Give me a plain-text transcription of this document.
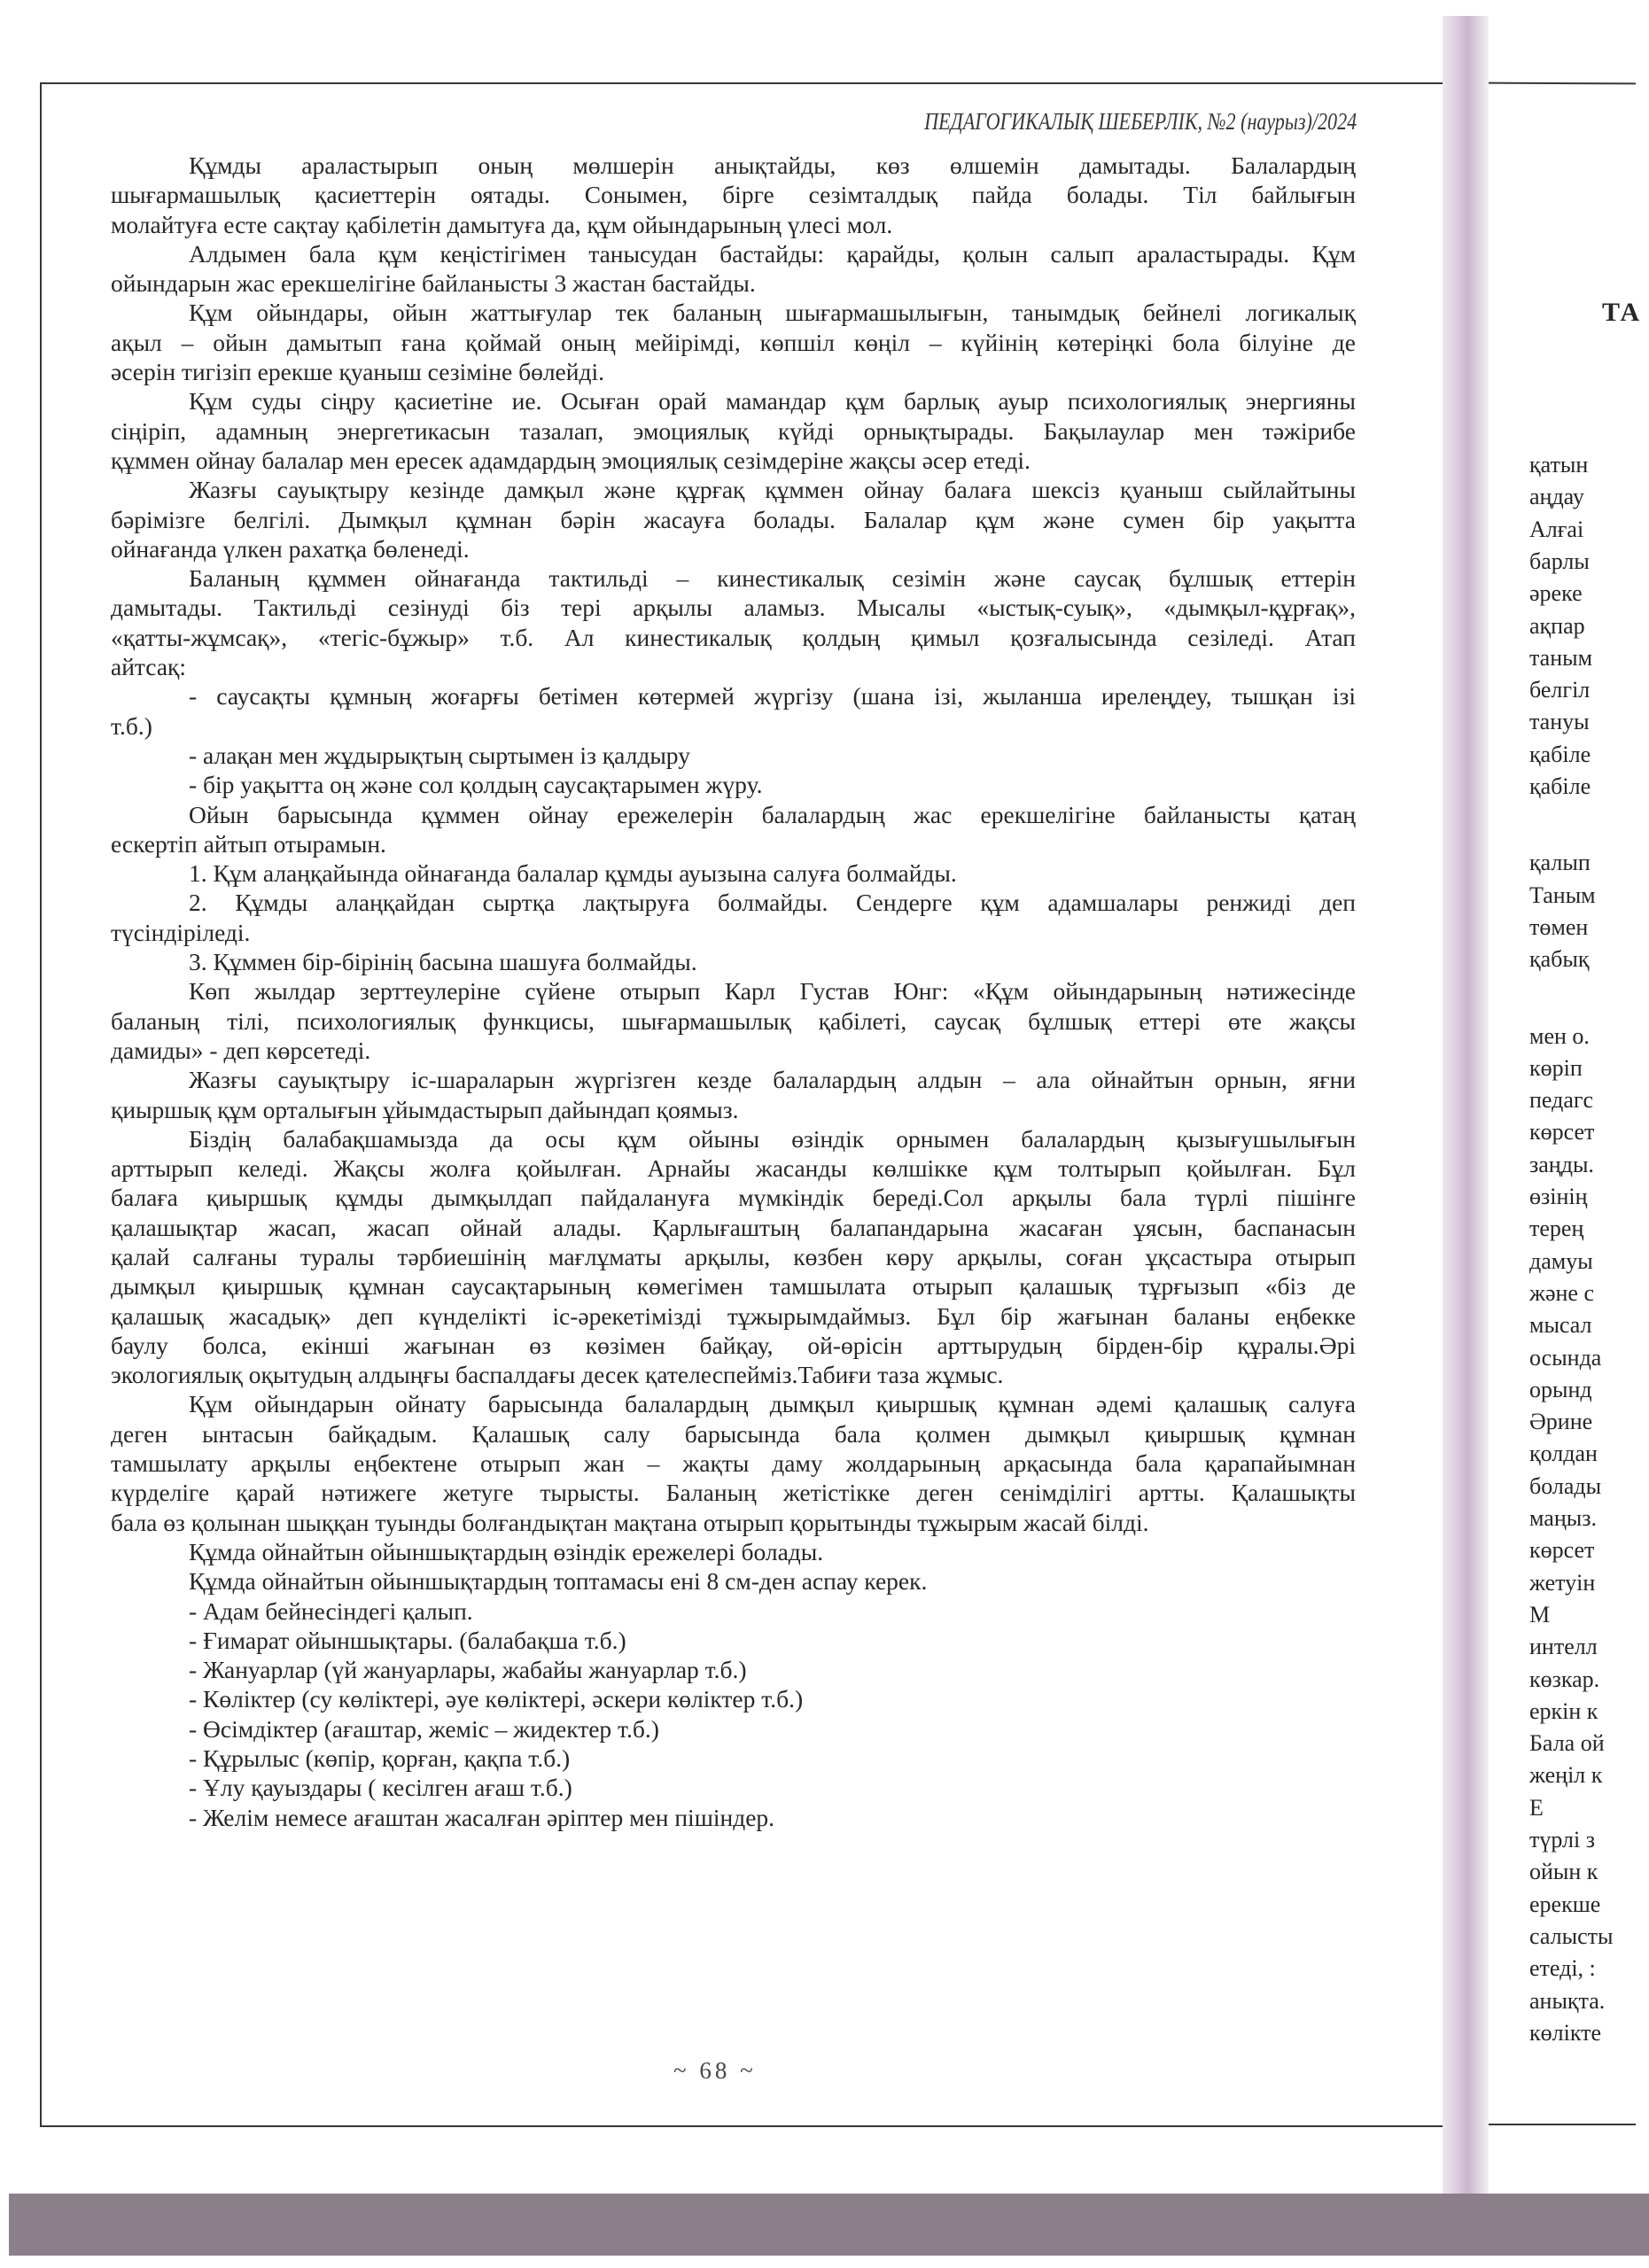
ПЕДАГОГИКАЛЫҚ ШЕБЕРЛІК, №2 (наурыз)/2024
Құмды араластырып оның мөлшерін анықтайды, көз өлшемін дамытады. Балалардың
шығармашылық қасиеттерін оятады. Сонымен, бірге сезімталдық пайда болады. Тіл байлығын
молайтуға есте сақтау қабілетін дамытуға да, құм ойындарының үлесі мол.
Алдымен бала құм кеңістігімен танысудан бастайды: қарайды, қолын салып араластырады. Құм
ойындарын жас ерекшелігіне байланысты 3 жастан бастайды.
Құм ойындары, ойын жаттығулар тек баланың шығармашылығын, танымдық бейнелі логикалық
ақыл – ойын дамытып ғана қоймай оның мейірімді, көпшіл көңіл – күйінің көтеріңкі бола білуіне де
әсерін тигізіп ерекше қуаныш сезіміне бөлейді.
Құм суды сіңру қасиетіне ие. Осыған орай мамандар құм барлық ауыр психологиялық энергияны
сіңіріп, адамның энергетикасын тазалап, эмоциялық күйді орнықтырады. Бақылаулар мен тәжірибе
құммен ойнау балалар мен ересек адамдардың эмоциялық сезімдеріне жақсы әсер етеді.
Жазғы сауықтыру кезінде дамқыл және құрғақ құммен ойнау балаға шексіз қуаныш сыйлайтыны
бәрімізге белгілі. Дымқыл құмнан бәрін жасауға болады. Балалар құм және сумен бір уақытта
ойнағанда үлкен рахатқа бөленеді.
Баланың құммен ойнағанда тактильді – кинестикалық сезімін және саусақ бұлшық еттерін
дамытады. Тактильді сезінуді біз тері арқылы аламыз. Мысалы «ыстық-суық», «дымқыл-құрғақ»,
«қатты-жұмсақ», «тегіс-бұжыр» т.б. Ал кинестикалық қолдың қимыл қозғалысында сезіледі. Атап
айтсақ:
- саусақты құмның жоғарғы бетімен көтермей жүргізу (шана ізі, жыланша ирелеңдеу, тышқан ізі
т.б.)
- алақан мен жұдырықтың сыртымен із қалдыру
- бір уақытта оң және сол қолдың саусақтарымен жүру.
Ойын барысында құммен ойнау ережелерін балалардың жас ерекшелігіне байланысты қатаң
ескертіп айтып отырамын.
1. Құм алаңқайында ойнағанда балалар құмды ауызына салуға болмайды.
2. Құмды алаңқайдан сыртқа лақтыруға болмайды. Сендерге құм адамшалары ренжиді деп
түсіндіріледі.
3. Құммен бір-бірінің басына шашуға болмайды.
Көп жылдар зерттеулеріне сүйене отырып Карл Густав Юнг: «Құм ойындарының нәтижесінде
баланың тілі, психологиялық функцисы, шығармашылық қабілеті, саусақ бұлшық еттері өте жақсы
дамиды» - деп көрсетеді.
Жазғы сауықтыру іс-шараларын жүргізген кезде балалардың алдын – ала ойнайтын орнын, яғни
қиыршық құм орталығын ұйымдастырып дайындап қоямыз.
Біздің балабақшамызда да осы құм ойыны өзіндік орнымен балалардың қызығушылығын
арттырып келеді. Жақсы жолға қойылған. Арнайы жасанды көлшікке құм толтырып қойылған. Бұл
балаға қиыршық құмды дымқылдап пайдалануға мүмкіндік береді.Сол арқылы бала түрлі пішінге
қалашықтар жасап, жасап ойнай алады. Қарлығаштың балапандарына жасаған ұясын, баспанасын
қалай салғаны туралы тәрбиешінің мағлұматы арқылы, көзбен көру арқылы, соған ұқсастыра отырып
дымқыл қиыршық құмнан саусақтарының көмегімен тамшылата отырып қалашық тұрғызып «біз де
қалашық жасадық» деп күнделікті іс-әрекетімізді тұжырымдаймыз. Бұл бір жағынан баланы еңбекке
баулу болса, екінші жағынан өз көзімен байқау, ой-өрісін арттырудың бірден-бір құралы.Әрі
экологиялық оқытудың алдыңғы баспалдағы десек қателеспейміз.Табиғи таза жұмыс.
Құм ойындарын ойнату барысында балалардың дымқыл қиыршық құмнан әдемі қалашық салуға
деген ынтасын байқадым. Қалашық салу барысында бала қолмен дымқыл қиыршық құмнан
тамшылату арқылы еңбектене отырып жан – жақты даму жолдарының арқасында бала қарапайымнан
күрделіге қарай нәтижеге жетуге тырысты. Баланың жетістікке деген сенімділігі артты. Қалашықты
бала өз қолынан шыққан туынды болғандықтан мақтана отырып қорытынды тұжырым жасай білді.
Құмда ойнайтын ойыншықтардың өзіндік ережелері болады.
Құмда ойнайтын ойыншықтардың топтамасы ені 8 см-ден аспау керек.
- Адам бейнесіндегі қалып.
- Ғимарат ойыншықтары. (балабақша т.б.)
- Жануарлар (үй жануарлары, жабайы жануарлар т.б.)
- Көліктер (су көліктері, әуе көліктері, әскери көліктер т.б.)
- Өсімдіктер (ағаштар, жеміс – жидектер т.б.)
- Құрылыс (көпір, қорған, қақпа т.б.)
- Ұлу қауыздары ( кесілген ағаш т.б.)
- Желім немесе ағаштан жасалған әріптер мен пішіндер.
~ 68 ~
ТА
қатын
аңдау
Алғаі
барлы
әреке
ақпар
таным
белгіл
тануы
қабіле
қабіле
қалып
Таным
төмен
қабық
мен о.
көріп
педагс
көрсет
заңды.
өзінің
терең
дамуы
және с
мысал
осында
орынд
Әрине
қолдан
болады
маңыз.
көрсет
жетуін
М
интелл
көзкар.
еркін к
Бала ой
жеңіл к
Е
түрлі з
ойын к
ерекше
салысты
етеді, :
анықта.
көлікте
